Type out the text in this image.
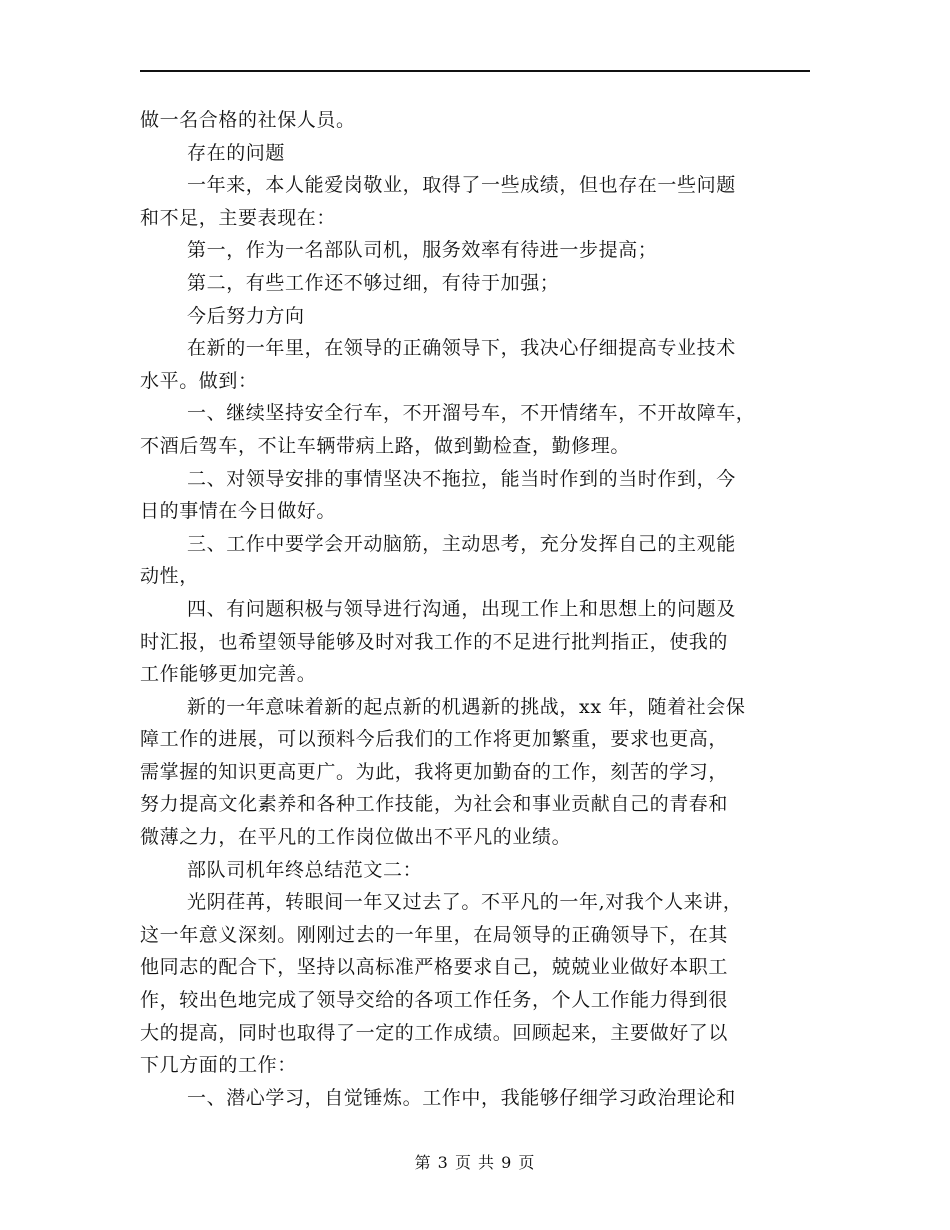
做一名合格的社保人员。
存在的问题
一年来，本人能爱岗敬业，取得了一些成绩，但也存在一些问题
和不足，主要表现在：
第一，作为一名部队司机，服务效率有待进一步提高；
第二，有些工作还不够过细，有待于加强；
今后努力方向
在新的一年里，在领导的正确领导下，我决心仔细提高专业技术
水平。做到：
一、继续坚持安全行车，不开溜号车，不开情绪车，不开故障车，
不酒后驾车，不让车辆带病上路，做到勤检查，勤修理。
二、对领导安排的事情坚决不拖拉，能当时作到的当时作到，今
日的事情在今日做好。
三、工作中要学会开动脑筋，主动思考，充分发挥自己的主观能
动性，
四、有问题积极与领导进行沟通，出现工作上和思想上的问题及
时汇报，也希望领导能够及时对我工作的不足进行批判指正，使我的
工作能够更加完善。
新的一年意味着新的起点新的机遇新的挑战，xx 年，随着社会保
障工作的进展，可以预料今后我们的工作将更加繁重，要求也更高，
需掌握的知识更高更广。为此，我将更加勤奋的工作，刻苦的学习，
努力提高文化素养和各种工作技能，为社会和事业贡献自己的青春和
微薄之力，在平凡的工作岗位做出不平凡的业绩。
部队司机年终总结范文二：
光阴荏苒，转眼间一年又过去了。不平凡的一年,对我个人来讲，
这一年意义深刻。刚刚过去的一年里，在局领导的正确领导下，在其
他同志的配合下，坚持以高标准严格要求自己，兢兢业业做好本职工
作，较出色地完成了领导交给的各项工作任务，个人工作能力得到很
大的提高，同时也取得了一定的工作成绩。回顾起来，主要做好了以
下几方面的工作：
一、潜心学习，自觉锤炼。工作中，我能够仔细学习政治理论和
第 3 页 共 9 页
